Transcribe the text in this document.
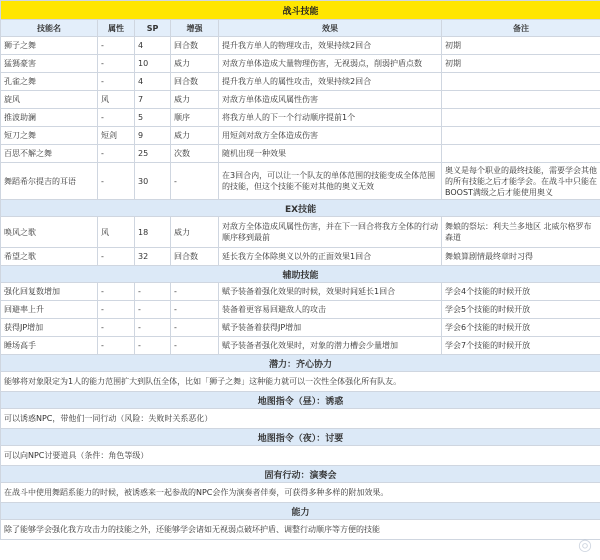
战斗技能					
技能名	属性	SP	增强	效果	备注
狮子之舞	-	4	回合数	提升我方单人的物理攻击，效果持续2回合	初期
猛獁豪害	-	10	威力	对敌方单体造成大量物理伤害，无视弱点，削弱护盾点数	初期
孔雀之舞	-	4	回合数	提升我方单人的属性攻击，效果持续2回合	
旋风	风	7	威力	对敌方单体造成风属性伤害	
推波助澜	-	5	顺序	将我方单人的下一个行动顺序提前1个	
短刀之舞	短剑	9	威力	用短剑对敌方全体造成伤害	
百思不解之舞	-	25	次数	随机出现一种效果	
舞蹈希尔提吉的耳语	-	30	-	在3回合内，可以让一个队友的单体范围的技能变成全体范围的技能，但这个技能不能对其他的奥义无效	奥义是每个职业的最终技能，需要学会其他的所有技能之后才能学会。在战斗中只能在BOOST满级之后才能使用奥义
EX技能					
唤风之歌	风	18	威力	对敌方全体造成风属性伤害，并在下一回合将我方全体的行动顺序移到最前	舞娘的祭坛：利夫兰多地区 北威尔格罗布森道
希望之歌	-	32	回合数	延长我方全体除奥义以外的正面效果1回合	舞娘算剧情最终章时习得
辅助技能					
强化回复数增加	-	-	-	赋予装备着强化效果的时候，效果时间延长1回合	学会4个技能的时候开放
回避率上升	-	-	-	装备着更容易回避敌人的攻击	学会5个技能的时候开放
获得JP增加	-	-	-	赋予装备着获得JP增加	学会6个技能的时候开放
睡场高手	-	-	-	赋予装备者强化效果时，对象的潜力槽会少量增加	学会7个技能的时候开放
潜力：齐心协力					
能够将对象限定为1人的能力范围扩大到队伍全体，比如「狮子之舞」这种能力就可以一次性全体强化所有队友。					
地图指令（昼）：诱惑					
可以诱惑NPC，带他们一同行动（风险：失败时关系恶化）					
地图指令（夜）：讨要					
可以向NPC讨要道具（条件：角色等级）					
固有行动：演奏会					
在战斗中使用舞蹈系能力的时候，被诱惑来一起参战的NPC会作为演奏者伴奏，可获得多种多样的附加效果。					
能力					
除了能够学会强化我方攻击力的技能之外，还能够学会诸如无视弱点破坏护盾、调整行动顺序等方便的技能					
◎
